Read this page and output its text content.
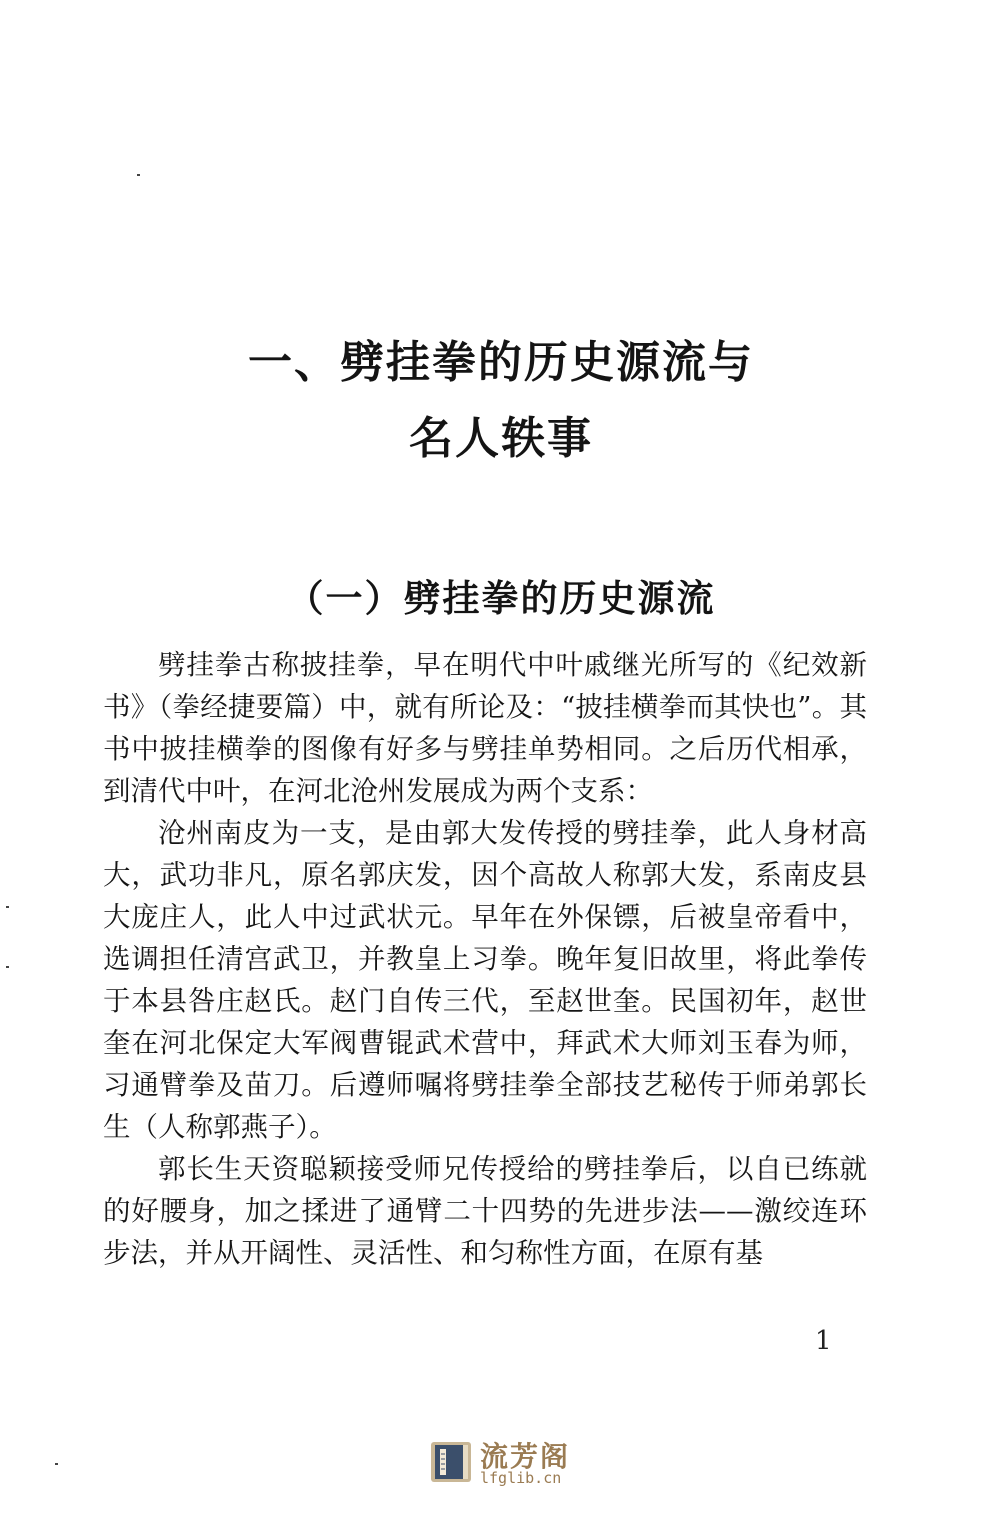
一、劈挂拳的历史源流与
名人轶事
（一）劈挂拳的历史源流

劈挂拳古称披挂拳，早在明代中叶戚继光所写的《纪效新书》（拳经捷要篇）中，就有所论及：“披挂横拳而其快也”。其书中披挂横拳的图像有好多与劈挂单势相同。之后历代相承，到清代中叶，在河北沧州发展成为两个支系：

沧州南皮为一支，是由郭大发传授的劈挂拳，此人身材高大，武功非凡，原名郭庆发，因个高故人称郭大发，系南皮县大庞庄人，此人中过武状元。早年在外保镖，后被皇帝看中，选调担任清宫武卫，并教皇上习拳。晚年复旧故里，将此拳传于本县咎庄赵氏。赵门自传三代，至赵世奎。民国初年，赵世奎在河北保定大军阀曹锟武术营中，拜武术大师刘玉春为师，习通臂拳及苗刀。后遵师嘱将劈挂拳全部技艺秘传于师弟郭长生（人称郭燕子）。

郭长生天资聪颖接受师兄传授给的劈挂拳后，以自已练就的好腰身，加之揉进了通臂二十四势的先进步法——激绞连环步法，并从开阔性、灵活性、和匀称性方面，在原有基

1
流芳阁
lfglib.cn
